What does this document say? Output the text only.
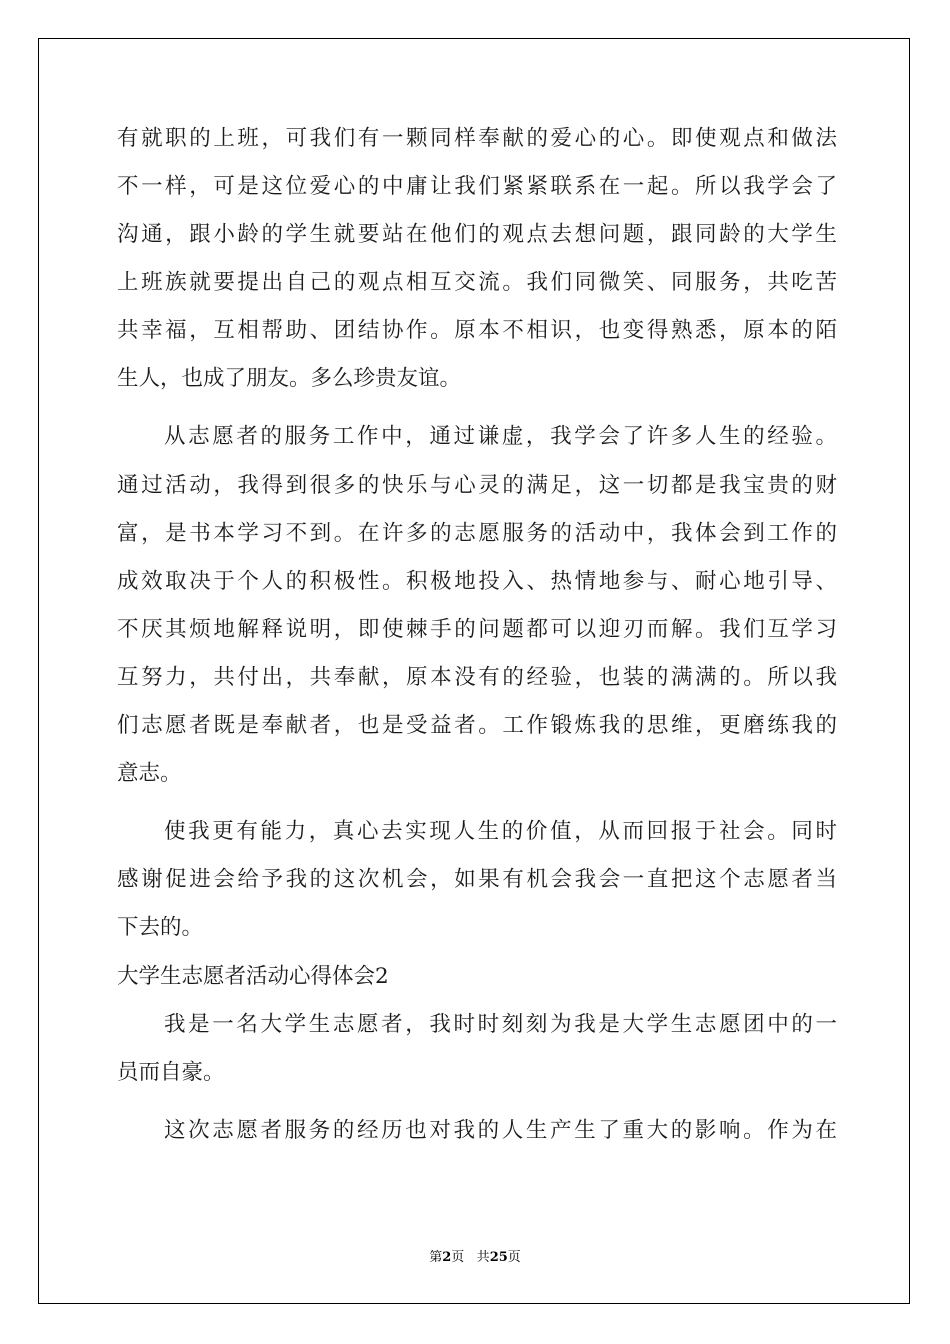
有就职的上班，可我们有一颗同样奉献的爱心的心。即使观点和做法
不一样，可是这位爱心的中庸让我们紧紧联系在一起。所以我学会了
沟通，跟小龄的学生就要站在他们的观点去想问题，跟同龄的大学生
上班族就要提出自己的观点相互交流。我们同微笑、同服务，共吃苦
共幸福，互相帮助、团结协作。原本不相识，也变得熟悉，原本的陌
生人，也成了朋友。多么珍贵友谊。
从志愿者的服务工作中，通过谦虚，我学会了许多人生的经验。
通过活动，我得到很多的快乐与心灵的满足，这一切都是我宝贵的财
富，是书本学习不到。在许多的志愿服务的活动中，我体会到工作的
成效取决于个人的积极性。积极地投入、热情地参与、耐心地引导、
不厌其烦地解释说明，即使棘手的问题都可以迎刃而解。我们互学习
互努力，共付出，共奉献，原本没有的经验，也装的满满的。所以我
们志愿者既是奉献者，也是受益者。工作锻炼我的思维，更磨练我的
意志。
使我更有能力，真心去实现人生的价值，从而回报于社会。同时
感谢促进会给予我的这次机会，如果有机会我会一直把这个志愿者当
下去的。
大学生志愿者活动心得体会2
我是一名大学生志愿者，我时时刻刻为我是大学生志愿团中的一
员而自豪。
这次志愿者服务的经历也对我的人生产生了重大的影响。作为在
第2页 共25页
